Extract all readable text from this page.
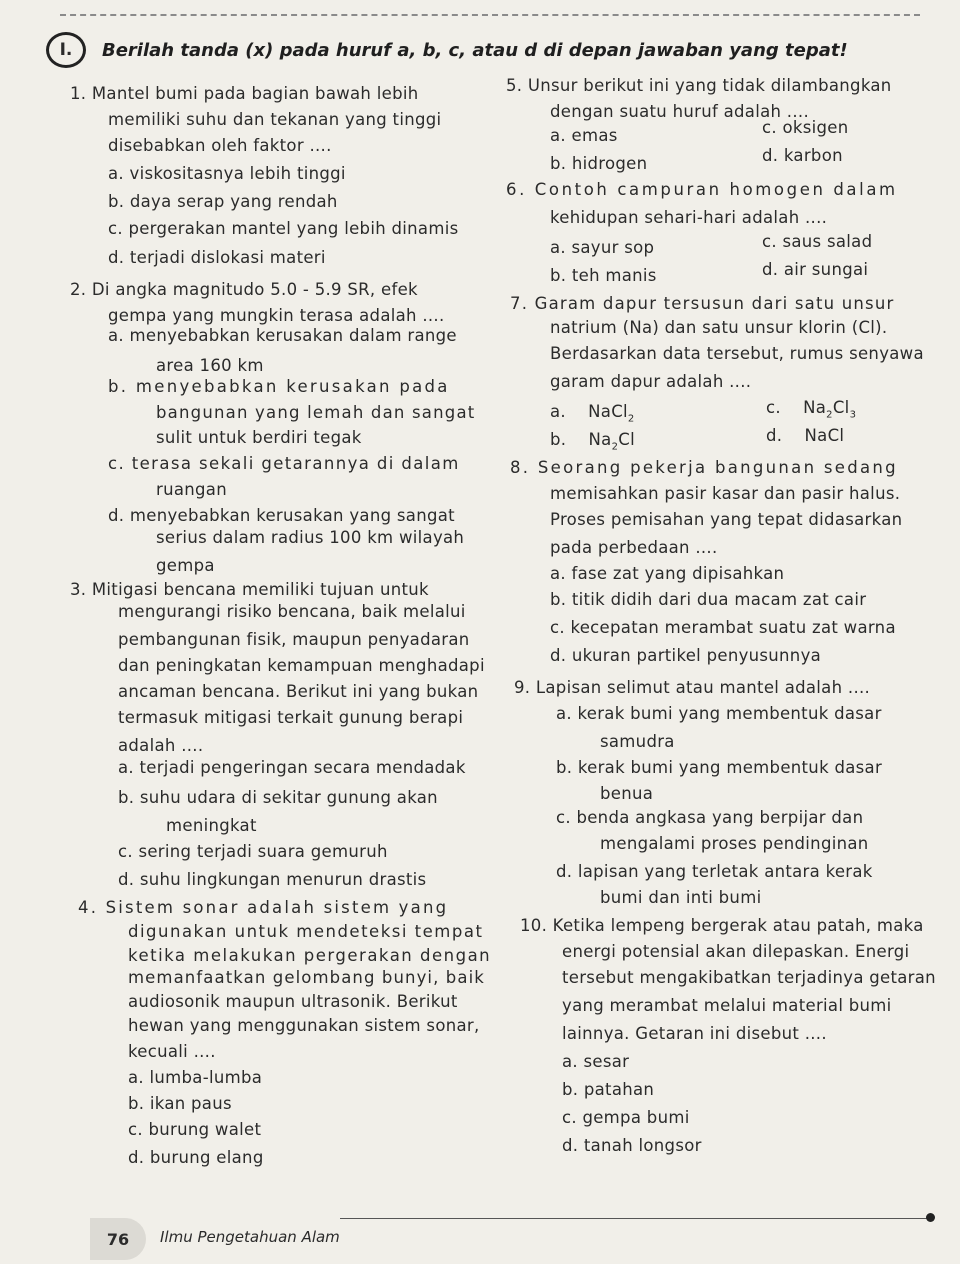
I.	Berilah tanda (x) pada huruf a, b, c, atau d di depan jawaban yang tepat!
1. Mantel bumi pada bagian bawah lebih
memiliki suhu dan tekanan yang tinggi
disebabkan oleh faktor ....
a. viskositasnya lebih tinggi
b. daya serap yang rendah
c. pergerakan mantel yang lebih dinamis
d. terjadi dislokasi materi
2. Di angka magnitudo 5.0 - 5.9 SR, efek
gempa yang mungkin terasa adalah ....
a. menyebabkan kerusakan dalam range
area 160 km
b. menyebabkan kerusakan pada
bangunan yang lemah dan sangat
sulit untuk berdiri tegak
c. terasa sekali getarannya di dalam
ruangan
d. menyebabkan kerusakan yang sangat
serius dalam radius 100 km wilayah
gempa
3. Mitigasi bencana memiliki tujuan untuk
mengurangi risiko bencana, baik melalui
pembangunan fisik, maupun penyadaran
dan peningkatan kemampuan menghadapi
ancaman bencana. Berikut ini yang bukan
termasuk mitigasi terkait gunung berapi
adalah ....
a. terjadi pengeringan secara mendadak
b. suhu udara di sekitar gunung akan
meningkat
c. sering terjadi suara gemuruh
d. suhu lingkungan menurun drastis
4. Sistem sonar adalah sistem yang
digunakan untuk mendeteksi tempat
ketika melakukan pergerakan dengan
memanfaatkan gelombang bunyi, baik
audiosonik maupun ultrasonik. Berikut
hewan yang menggunakan sistem sonar,
kecuali ....
a. lumba-lumba
b. ikan paus
c. burung walet
d. burung elang
5. Unsur berikut ini yang tidak dilambangkan
dengan suatu huruf adalah ....
a. emas	c. oksigen
b. hidrogen	d. karbon
6. Contoh campuran homogen dalam
kehidupan sehari-hari adalah ....
a. sayur sop	c. saus salad
b. teh manis	d. air sungai
7. Garam dapur tersusun dari satu unsur
natrium (Na) dan satu unsur klorin (Cl).
Berdasarkan data tersebut, rumus senyawa
garam dapur adalah ....
a. NaCl$_2$
c. $Na_2Cl_3$
b. $Na_2Cl$	d. NaCl
8. Seorang pekerja bangunan sedang
memisahkan pasir kasar dan pasir halus.
Proses pemisahan yang tepat didasarkan
pada perbedaan ....
a. fase zat yang dipisahkan
b. titik didih dari dua macam zat cair
c. kecepatan merambat suatu zat warna
d. ukuran partikel penyusunnya
9. Lapisan selimut atau mantel adalah ....
a. kerak bumi yang membentuk dasar
samudra
b. kerak bumi yang membentuk dasar
benua
c. benda angkasa yang berpijar dan
mengalami proses pendinginan
d. lapisan yang terletak antara kerak
bumi dan inti bumi
10. Ketika lempeng bergerak atau patah, maka
energi potensial akan dilepaskan. Energi
tersebut mengakibatkan terjadinya getaran
yang merambat melalui material bumi
lainnya. Getaran ini disebut ....
a. sesar
b. patahan
c. gempa bumi
d. tanah longsor
76	Ilmu Pengetahuan Alam
